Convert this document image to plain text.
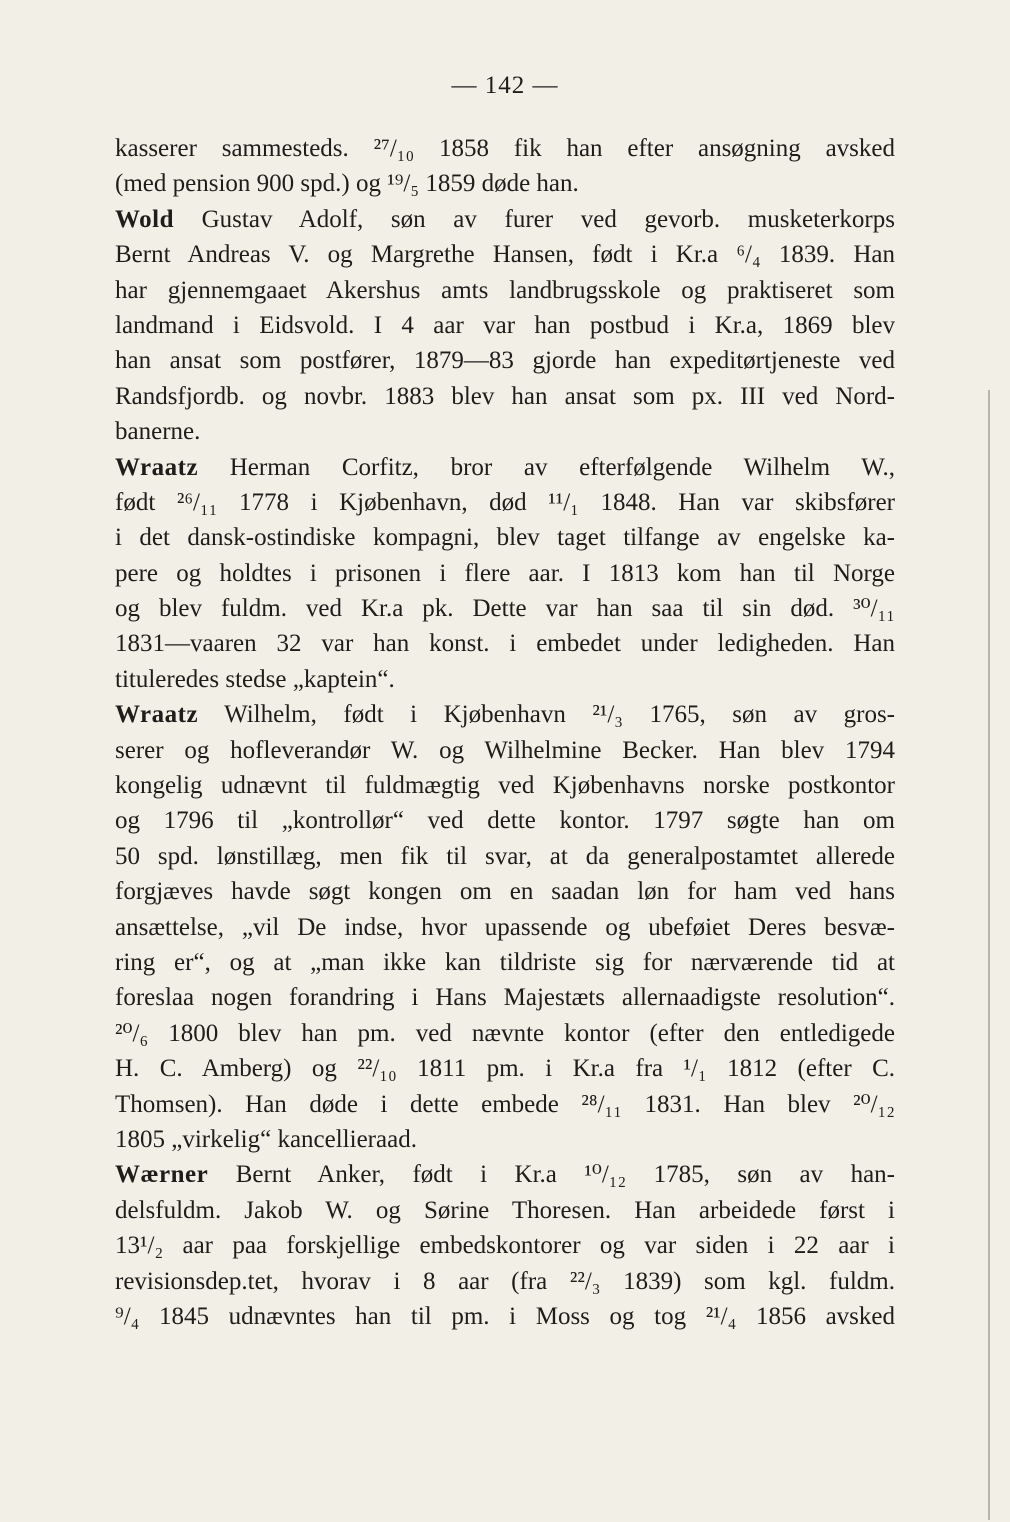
— 142 —
kasserer sammesteds. ²⁷/₁₀ 1858 fik han efter ansøgning avsked
(med pension 900 spd.) og ¹⁹/₅ 1859 døde han.
Wold Gustav Adolf, søn av furer ved gevorb. musketerkorps
Bernt Andreas V. og Margrethe Hansen, født i Kr.a ⁶/₄ 1839. Han
har gjennemgaaet Akershus amts landbrugsskole og praktiseret som
landmand i Eidsvold. I 4 aar var han postbud i Kr.a, 1869 blev
han ansat som postfører, 1879—83 gjorde han expeditørtjeneste ved
Randsfjordb. og novbr. 1883 blev han ansat som px. III ved Nord-
banerne.
Wraatz Herman Corfitz, bror av efterfølgende Wilhelm W.,
født ²⁶/₁₁ 1778 i Kjøbenhavn, død ¹¹/₁ 1848. Han var skibsfører
i det dansk-ostindiske kompagni, blev taget tilfange av engelske ka-
pere og holdtes i prisonen i flere aar. I 1813 kom han til Norge
og blev fuldm. ved Kr.a pk. Dette var han saa til sin død. ³⁰/₁₁
1831—vaaren 32 var han konst. i embedet under ledigheden. Han
tituleredes stedse „kaptein“.
Wraatz Wilhelm, født i Kjøbenhavn ²¹/₃ 1765, søn av gros-
serer og hofleverandør W. og Wilhelmine Becker. Han blev 1794
kongelig udnævnt til fuldmægtig ved Kjøbenhavns norske postkontor
og 1796 til „kontrollør“ ved dette kontor. 1797 søgte han om
50 spd. lønstillæg, men fik til svar, at da generalpostamtet allerede
forgjæves havde søgt kongen om en saadan løn for ham ved hans
ansættelse, „vil De indse, hvor upassende og ubeføiet Deres besvæ-
ring er“, og at „man ikke kan tildriste sig for nærværende tid at
foreslaa nogen forandring i Hans Majestæts allernaadigste resolution“.
²⁰/₆ 1800 blev han pm. ved nævnte kontor (efter den entledigede
H. C. Amberg) og ²²/₁₀ 1811 pm. i Kr.a fra ¹/₁ 1812 (efter C.
Thomsen). Han døde i dette embede ²⁸/₁₁ 1831. Han blev ²⁰/₁₂
1805 „virkelig“ kancellieraad.
Wærner Bernt Anker, født i Kr.a ¹⁰/₁₂ 1785, søn av han-
delsfuldm. Jakob W. og Sørine Thoresen. Han arbeidede først i
13¹/₂ aar paa forskjellige embedskontorer og var siden i 22 aar i
revisionsdep.tet, hvorav i 8 aar (fra ²²/₃ 1839) som kgl. fuldm.
⁹/₄ 1845 udnævntes han til pm. i Moss og tog ²¹/₄ 1856 avsked
